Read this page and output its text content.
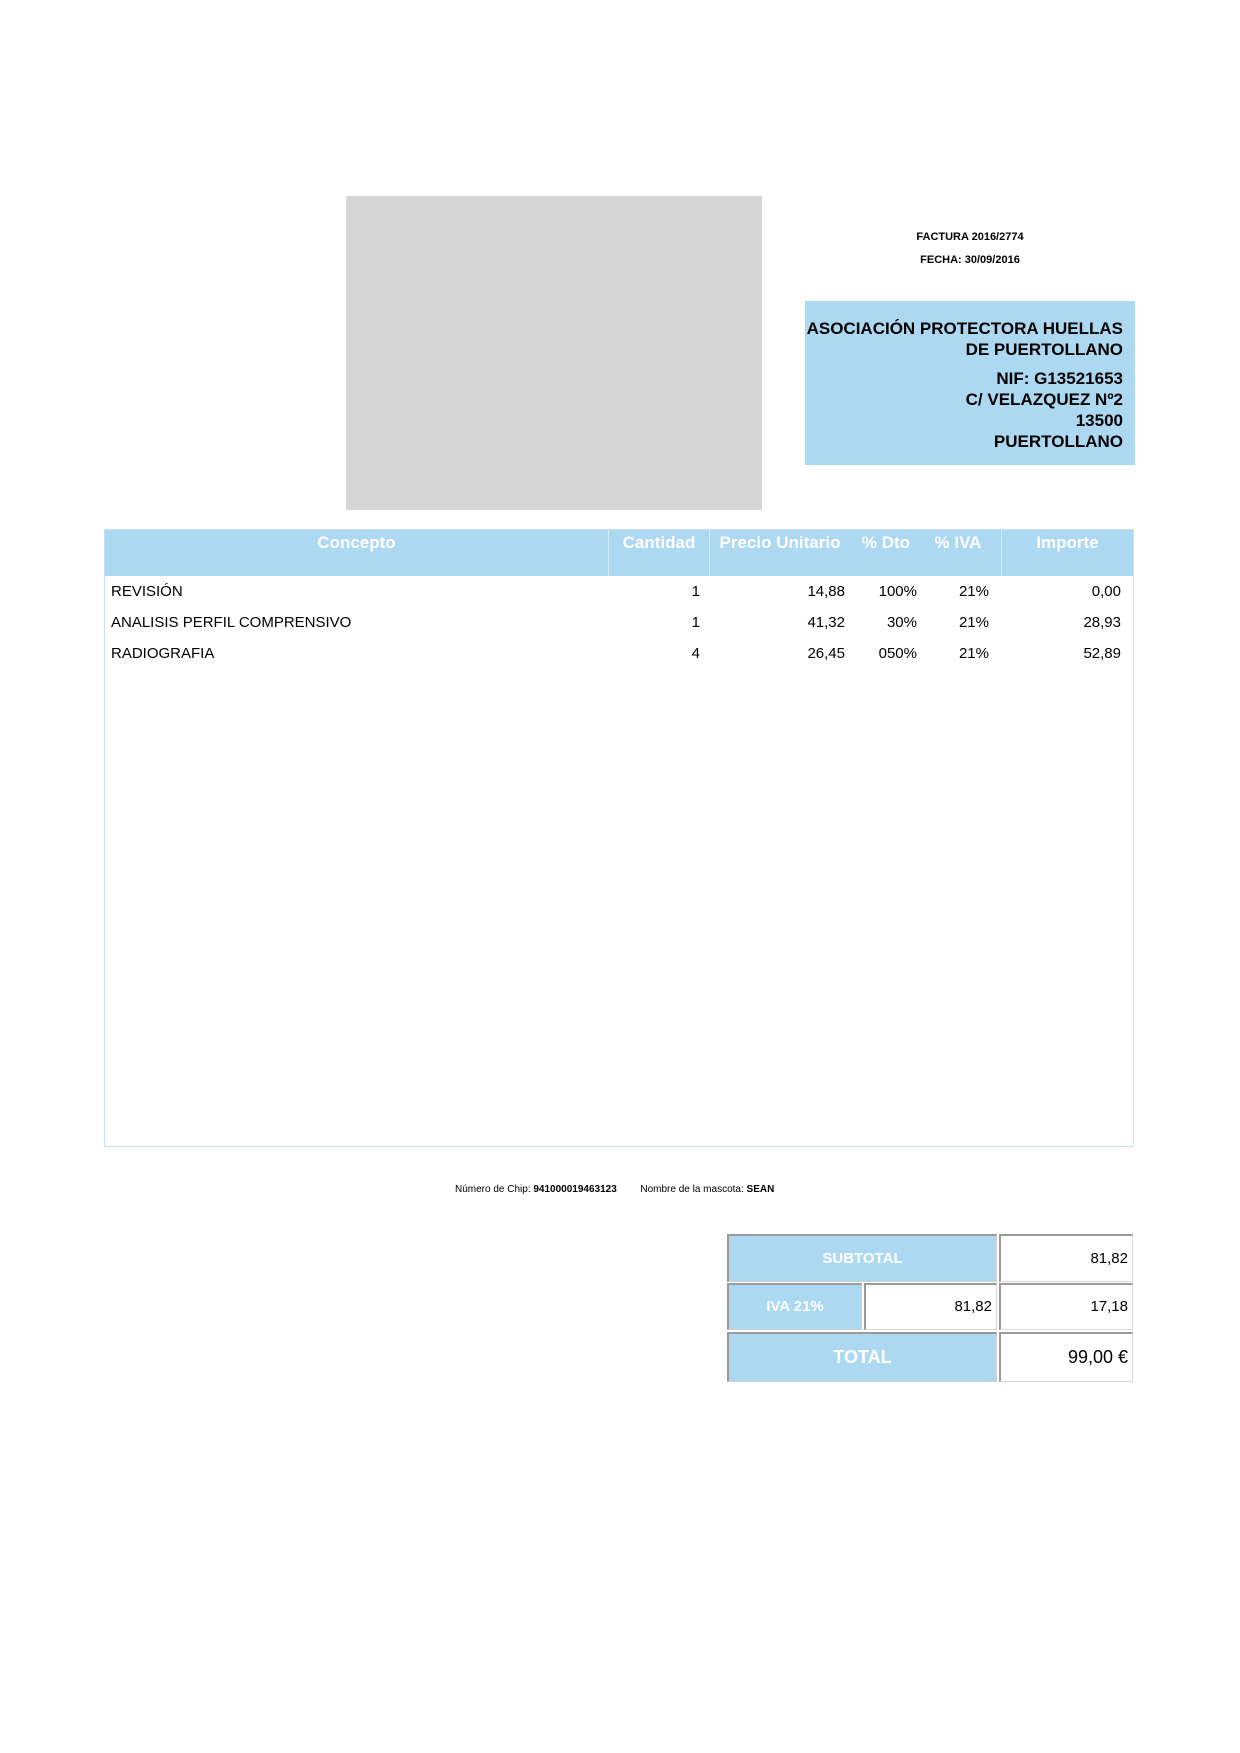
FACTURA 2016/2774
FECHA: 30/09/2016
ASOCIACIÓN PROTECTORA HUELLAS
DE PUERTOLLANO
NIF: G13521653
C/ VELAZQUEZ Nº2
13500
PUERTOLLANO
Concepto	Cantidad	Precio Unitario	% Dto	% IVA	Importe
REVISIÓN	1	14,88 100%	21%	0,00
ANALISIS PERFIL COMPRENSIVO	1	41,32	30%	21%	28,93
RADIOGRAFIA	4	26,45 050%	21%	52,89
Número de Chip: 941000019463123 Nombre de la mascota: SEAN
SUBTOTAL	81,82
IVA 21%	81,82	17,18
TOTAL	99,00 €
